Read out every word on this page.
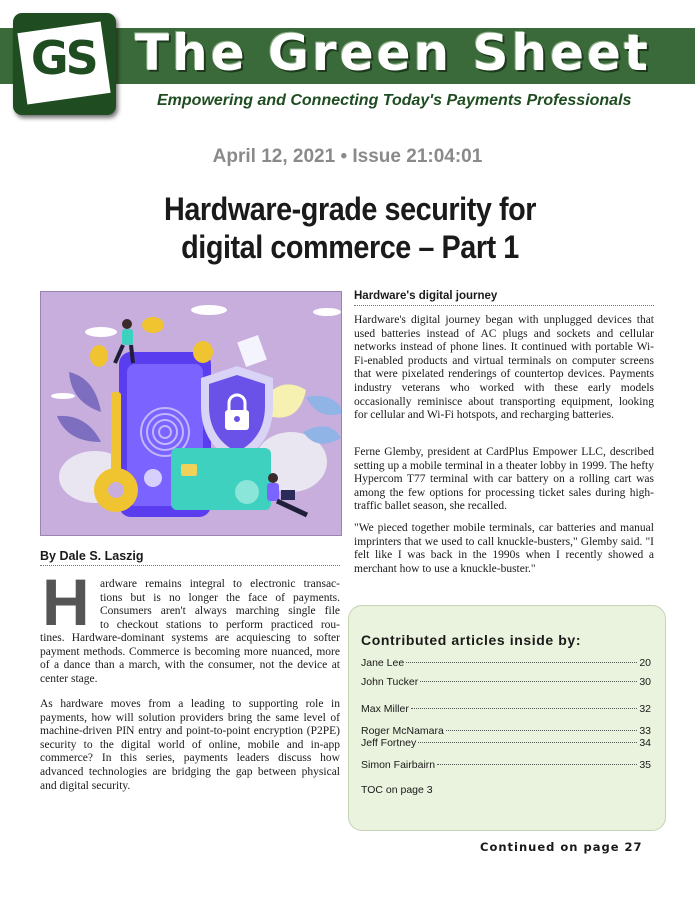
GS The Green Sheet
Empowering and Connecting Today's Payments Professionals
April 12, 2021 • Issue 21:04:01
Hardware-grade security for
digital commerce – Part 1
By Dale S. Laszig
H ardware remains integral to electronic transac-
tions but is no longer the face of payments.
Consumers aren't always marching single file
to checkout stations to perform practiced rou-
tines. Hardware-dominant systems are acquiescing to softer payment methods. Commerce is becoming more nuanced, more of a dance than a march, with the consumer, not the device at center stage.
As hardware moves from a leading to supporting role in payments, how will solution providers bring the same level of machine-driven PIN entry and point-to-point encryption (P2PE) security to the digital world of online, mobile and in-app commerce? In this series, payments leaders discuss how advanced technologies are bridging the gap between physical and digital security.
Hardware's digital journey
Hardware's digital journey began with unplugged devices that used batteries instead of AC plugs and sockets and cellular networks instead of phone lines. It continued with portable Wi-Fi-enabled products and virtual terminals on computer screens that were pixelated renderings of countertop devices. Payments industry veterans who worked with these early models occasionally reminisce about transporting equipment, looking for cellular and Wi-Fi hotspots, and recharging batteries.
Ferne Glemby, president at CardPlus Empower LLC, described setting up a mobile terminal in a theater lobby in 1999. The hefty Hypercom T77 terminal with car battery on a rolling cart was among the few options for processing ticket sales during high-traffic ballet season, she recalled.
"We pieced together mobile terminals, car batteries and manual imprinters that we used to call knuckle-busters," Glemby said. "I felt like I was back in the 1990s when I recently showed a merchant how to use a knuckle-buster."
Contributed articles inside by:
Jane Lee	20
John Tucker	30
Max Miller	32
Roger McNamara	33
Jeff Fortney	34
Simon Fairbairn	35
TOC on page 3
Continued on page 27
